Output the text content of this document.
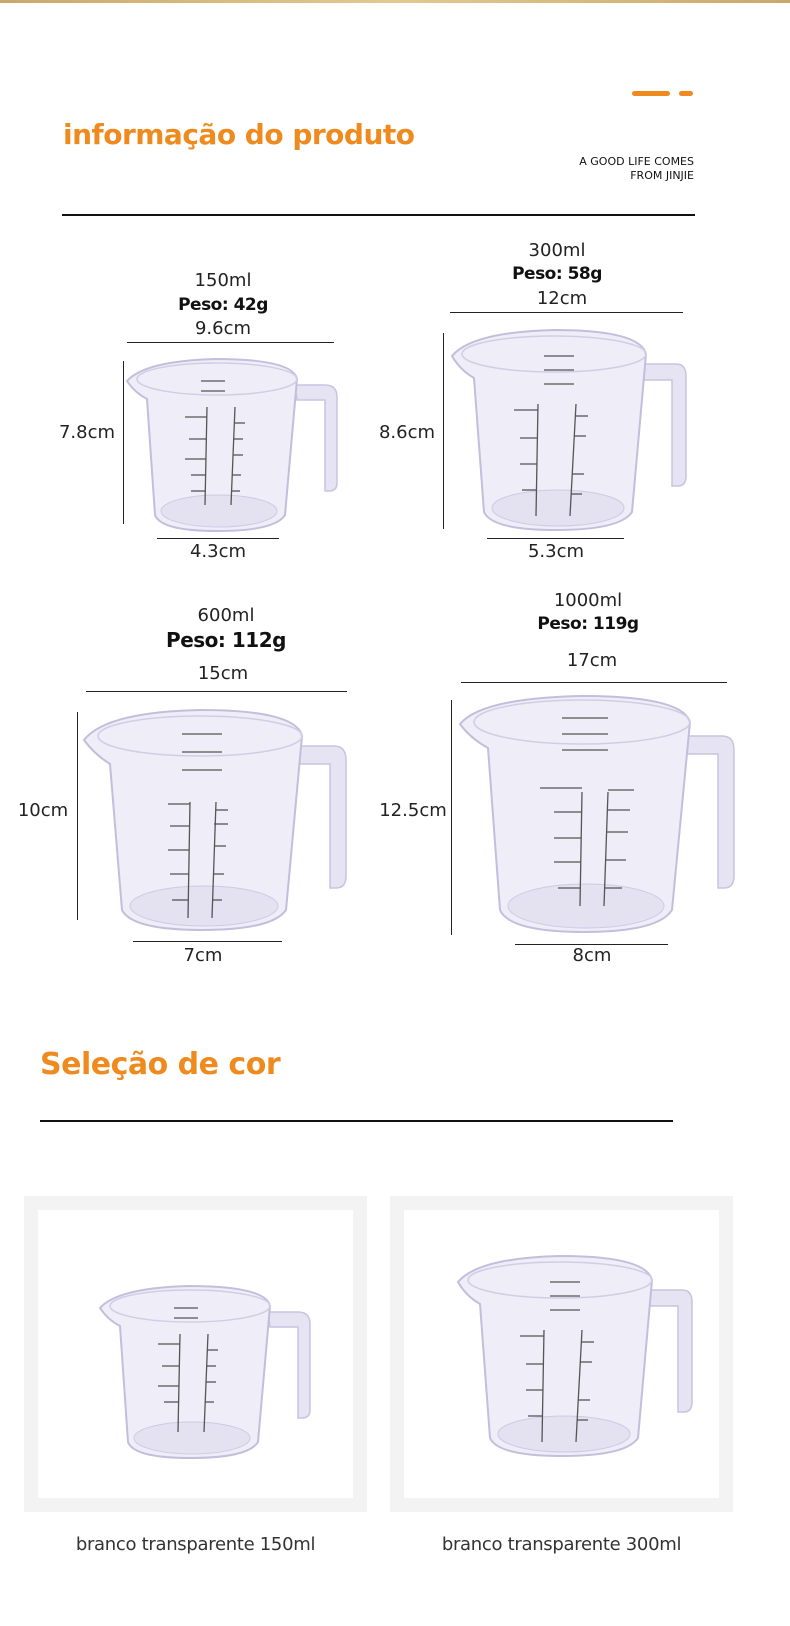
informação do produto
A GOOD LIFE COMES
FROM JINJIE
150ml
Peso: 42g
9.6cm
7.8cm
4.3cm
300ml
Peso: 58g
12cm
8.6cm
5.3cm
600ml
Peso: 112g
15cm
10cm
7cm
1000ml
Peso: 119g
17cm
12.5cm
8cm
Seleção de cor
branco transparente 150ml	branco transparente 300ml
